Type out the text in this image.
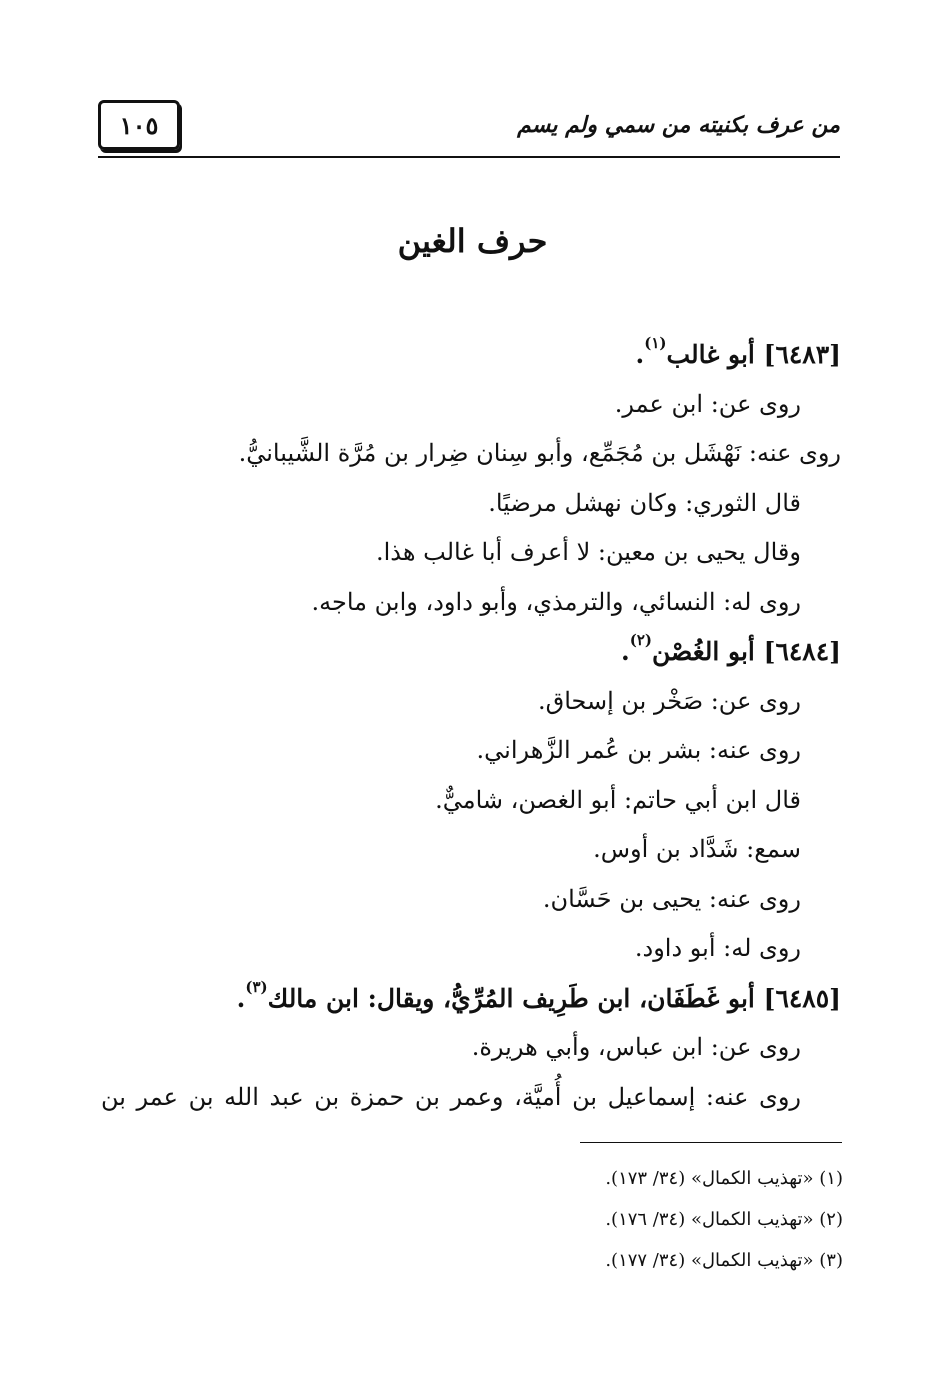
١٠٥	من عرف بكنيته من سمي ولم يسم
حرف الغين
[٦٤٨٣] أبو غالب$^{(١)}$.
روى عن: ابن عمر.
روى عنه: نَهْشَل بن مُجَمِّع، وأبو سِنان ضِرار بن مُرَّة الشَّيبانيُّ.
قال الثوري: وكان نهشل مرضيًا.
وقال يحيى بن معين: لا أعرف أبا غالب هذا.
روى له: النسائي، والترمذي، وأبو داود، وابن ماجه.
[٦٤٨٤] أبو الغُصْن$^{(٢)}$.
روى عن: صَخْر بن إسحاق.
روى عنه: بشر بن عُمر الزَّهراني.
قال ابن أبي حاتم: أبو الغصن، شاميٌّ.
سمع: شَدَّاد بن أوس.
روى عنه: يحيى بن حَسَّان.
روى له: أبو داود.
[٦٤٨٥] أبو غَطَفَان، ابن طَرِيف المُرِّيُّ، ويقال: ابن مالك$^{(٣)}$.
روى عن: ابن عباس، وأبي هريرة.
روى عنه: إسماعيل بن أُميَّة، وعمر بن حمزة بن عبد الله بن عمر بن
(١) «تهذيب الكمال» (٣٤/ ١٧٣).
(٢) «تهذيب الكمال» (٣٤/ ١٧٦).
(٣) «تهذيب الكمال» (٣٤/ ١٧٧).
